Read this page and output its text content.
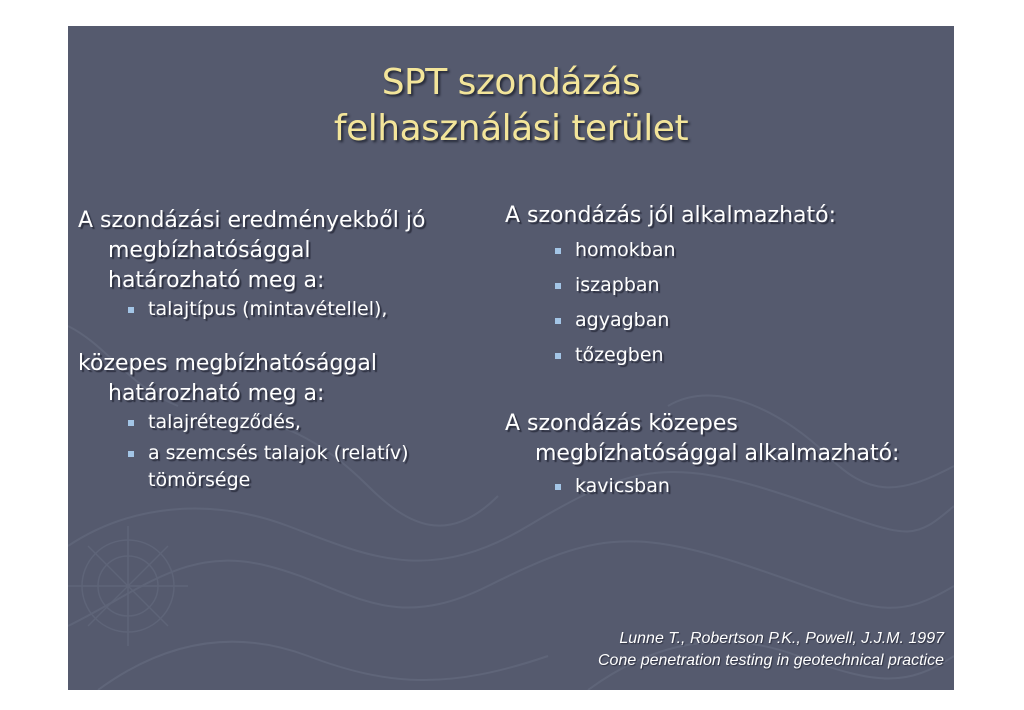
SPT szondázás
felhasználási terület

A szondázási eredményekből jó
megbízhatósággal
határozható meg a:

talajtípus (mintavétellel),

közepes megbízhatósággal
határozható meg a:

talajrétegződés,

a szemcsés talajok (relatív)
tömörsége

A szondázás jól alkalmazható:

homokban

iszapban

agyagban

tőzegben

A szondázás közepes
megbízhatósággal alkalmazható:

kavicsban

Lunne T., Robertson P.K., Powell, J.J.M. 1997
Cone penetration testing in geotechnical practice
